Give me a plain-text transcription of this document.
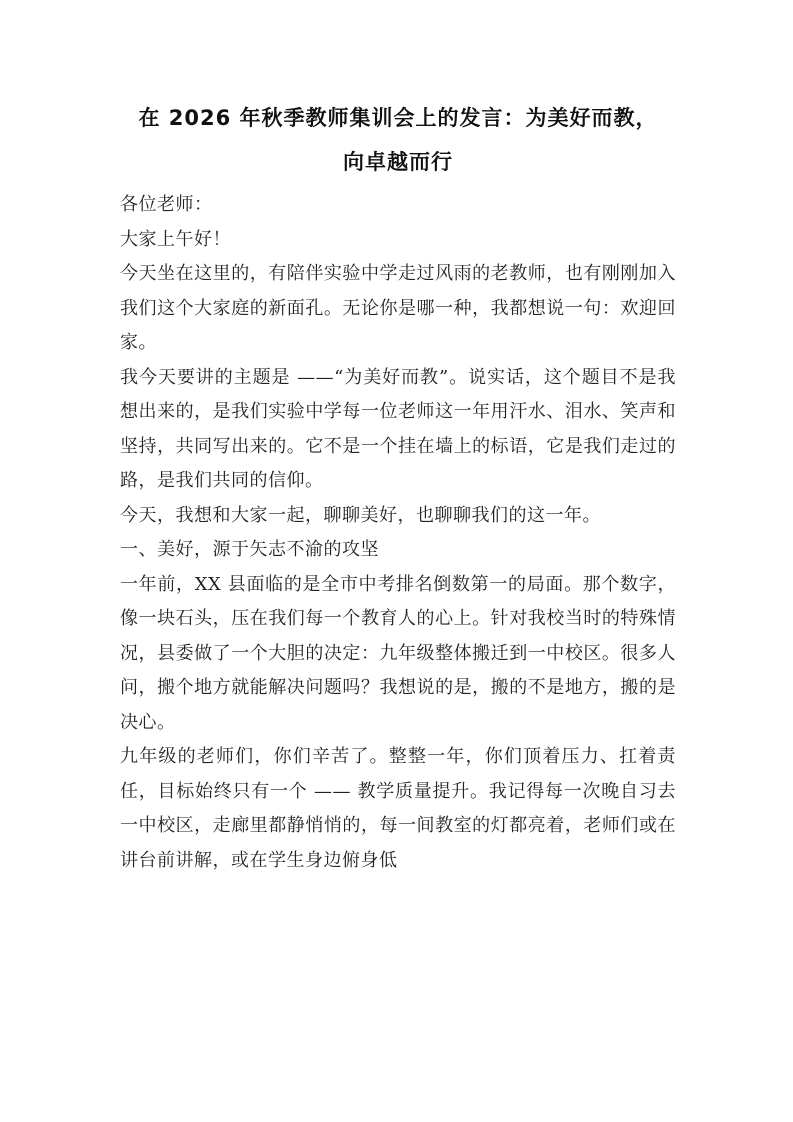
在 2026 年秋季教师集训会上的发言：为美好而教，
向卓越而行

各位老师：

大家上午好！

今天坐在这里的，有陪伴实验中学走过风雨的老教师，也有刚刚加入我们这个大家庭的新面孔。无论你是哪一种，我都想说一句：欢迎回家。

我今天要讲的主题是 ——“为美好而教”。说实话，这个题目不是我想出来的，是我们实验中学每一位老师这一年用汗水、泪水、笑声和坚持，共同写出来的。它不是一个挂在墙上的标语，它是我们走过的路，是我们共同的信仰。

今天，我想和大家一起，聊聊美好，也聊聊我们的这一年。

一、美好，源于矢志不渝的攻坚

一年前，XX 县面临的是全市中考排名倒数第一的局面。那个数字，像一块石头，压在我们每一个教育人的心上。针对我校当时的特殊情况，县委做了一个大胆的决定：九年级整体搬迁到一中校区。很多人问，搬个地方就能解决问题吗？我想说的是，搬的不是地方，搬的是决心。

九年级的老师们，你们辛苦了。整整一年，你们顶着压力、扛着责任，目标始终只有一个 —— 教学质量提升。我记得每一次晚自习去一中校区，走廊里都静悄悄的，每一间教室的灯都亮着，老师们或在讲台前讲解，或在学生身边俯身低
